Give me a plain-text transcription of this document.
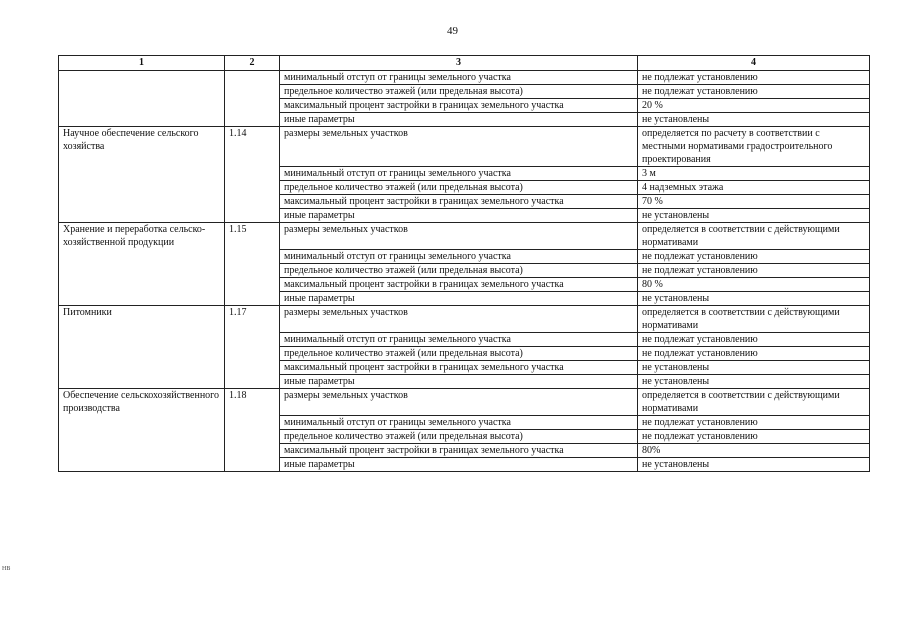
49
НВ
1	2	3	4
		минимальный отступ от границы земельного участка	не подлежат установлению
		предельное количество этажей (или предельная высота)	не подлежат установлению
		максимальный процент застройки в границах земельного участка	20 %
		иные параметры	не установлены
Научное обеспечение сельского хозяйства	1.14	размеры земельных участков	определяется по расчету в соответствии с местными нормативами градостроительного проектирования
		минимальный отступ от границы земельного участка	3 м
		предельное количество этажей (или предельная высота)	4 надземных этажа
		максимальный процент застройки в границах земельного участка	70 %
		иные параметры	не установлены
Хранение и переработка сельско-хозяйственной продукции	1.15	размеры земельных участков	определяется в соответствии с действующими нормативами
		минимальный отступ от границы земельного участка	не подлежат установлению
		предельное количество этажей (или предельная высота)	не подлежат установлению
		максимальный процент застройки в границах земельного участка	80 %
		иные параметры	не установлены
Питомники	1.17	размеры земельных участков	определяется в соответствии с действующими нормативами
		минимальный отступ от границы земельного участка	не подлежат установлению
		предельное количество этажей (или предельная высота)	не подлежат установлению
		максимальный процент застройки в границах земельного участка	не установлены
		иные параметры	не установлены
Обеспечение сельскохозяйственного производства	1.18	размеры земельных участков	определяется в соответствии с действующими нормативами
		минимальный отступ от границы земельного участка	не подлежат установлению
		предельное количество этажей (или предельная высота)	не подлежат установлению
		максимальный процент застройки в границах земельного участка	80%
		иные параметры	не установлены
